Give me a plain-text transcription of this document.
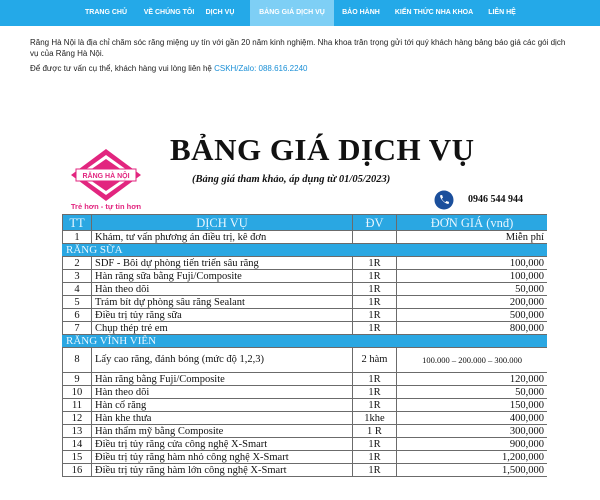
TRANG CHỦ	VỀ CHÚNG TÔI	DỊCH VỤ	BẢNG GIÁ DỊCH VỤ	BẢO HÀNH	KIẾN THỨC NHA KHOA	LIÊN HỆ

Răng Hà Nội là địa chỉ chăm sóc răng miệng uy tín với gần 20 năm kinh nghiệm. Nha khoa trân trọng gửi tới quý khách hàng bảng báo giá các gói dịch vụ của Răng Hà Nội.

Để được tư vấn cụ thể, khách hàng vui lòng liên hệ CSKH/Zalo: 088.616.2240

RĂNG HÀ NỘI
Trẻ hơn - tự tin hơn
BẢNG GIÁ DỊCH VỤ
(Bảng giá tham khảo, áp dụng từ 01/05/2023)
0946 544 944
TT	DỊCH VỤ	ĐV	ĐƠN GIÁ (vnđ)
1	Khám, tư vấn phương án điều trị, kê đơn		Miễn phí
RĂNG SỮA			
2	SDF - Bôi dự phòng tiến triển sâu răng	1R	100,000
3	Hàn răng sữa bằng Fuji/Composite	1R	100,000
4	Hàn theo dõi	1R	50,000
5	Trám bít dự phòng sâu răng Sealant	1R	200,000
6	Điều trị tủy răng sữa	1R	500,000
7	Chụp thép trẻ em	1R	800,000
RĂNG VĨNH VIỄN			
8	Lấy cao răng, đánh bóng (mức độ 1,2,3)	2 hàm	100.000 – 200.000 – 300.000
9	Hàn răng bằng Fuji/Composite	1R	120,000
10	Hàn theo dõi	1R	50,000
11	Hàn cổ răng	1R	150,000
12	Hàn khe thưa	1khe	400,000
13	Hàn thẩm mỹ bằng Composite	1 R	300,000
14	Điều trị tủy răng cửa công nghệ X-Smart	1R	900,000
15	Điều trị tủy răng hàm nhỏ công nghệ X-Smart	1R	1,200,000
16	Điều trị tủy răng hàm lớn công nghệ X-Smart	1R	1,500,000
